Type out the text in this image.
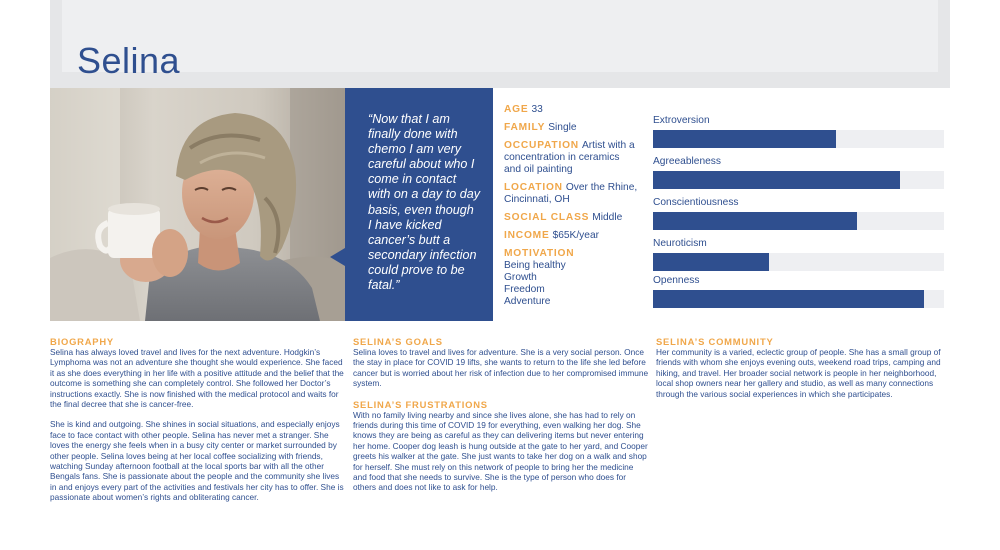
Selina
“Now that I am finally done with chemo I am very careful about who I come in contact with on a day to day basis, even though I have kicked cancer’s butt a secondary infection could prove to be fatal.”
AGE 33
FAMILY Single
OCCUPATION Artist with a concentration in ceramics and oil painting
LOCATION Over the Rhine, Cincinnati, OH
SOCIAL CLASS Middle
INCOME $65K/year
MOTIVATION
Being healthy
Growth
Freedom
Adventure
Extroversion
Agreeableness
Conscientiousness
Neuroticism
Openness
BIOGRAPHY

Selina has always loved travel and lives for the next adventure. Hodgkin’s Lymphoma was not an adventure she thought she would experience. She faced it as she does everything in her life with a positive attitude and the belief that the outcome is something she can completely control. She followed her Doctor’s instructions exactly. She is now finished with the medical protocol and waits for the final decree that she is cancer-free.

She is kind and outgoing. She shines in social situations, and especially enjoys face to face contact with other people. Selina has never met a stranger. She loves the energy she feels when in a busy city center or market surrounded by other people. Selina loves being at her local coffee socializing with friends, watching Sunday afternoon football at the local sports bar with all the other Bengals fans. She is passionate about the people and the community she lives in and enjoys every part of the activities and festivals her city has to offer. She is passionate about women’s rights and obliterating cancer.

SELINA’S GOALS

Selina loves to travel and lives for adventure. She is a very social person. Once the stay in place for COVID 19 lifts, she wants to return to the life she led before cancer but is worried about her risk of infection due to her compromised immune system.

SELINA’S FRUSTRATIONS

With no family living nearby and since she lives alone, she has had to rely on friends during this time of COVID 19 for everything, even walking her dog. She knows they are being as careful as they can delivering items but never entering her home. Cooper dog leash is hung outside at the gate to her yard, and Cooper greets his walker at the gate. She just wants to take her dog on a walk and shop for herself. She must rely on this network of people to bring her the medicine and food that she needs to survive. She is the type of person who does for others and does not like to ask for help.

SELINA’S COMMUNITY

Her community is a varied, eclectic group of people. She has a small group of friends with whom she enjoys evening outs, weekend road trips, camping and hiking, and travel. Her broader social network is people in her neighborhood, local shop owners near her gallery and studio, as well as many connections through the various social experiences in which she participates.
